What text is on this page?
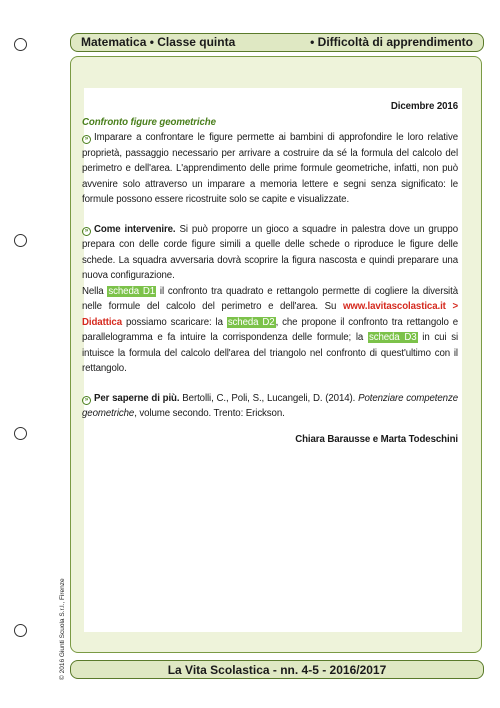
Matematica • Classe quinta	• Difficoltà di apprendimento
Dicembre 2016
Confronto figure geometriche

» Imparare a confrontare le figure permette ai bambini di approfondire le loro relative proprietà, passaggio necessario per arrivare a costruire da sé la formula del calcolo del perimetro e dell'area. L'apprendimento delle prime formule geometriche, infatti, non può avvenire solo attraverso un imparare a memoria lettere e segni senza significato: le formule possono essere ricostruite solo se capite e visualizzate.

» Come intervenire. Si può proporre un gioco a squadre in palestra dove un gruppo prepara con delle corde figure simili a quelle delle schede o riproduce le figure delle schede. La squadra avversaria dovrà scoprire la figura nascosta e quindi preparare una nuova configurazione.

Nella scheda D1 il confronto tra quadrato e rettangolo permette di cogliere la diversità nelle formule del calcolo del perimetro e dell'area. Su www.lavitascolastica.it > Didattica possiamo scaricare: la scheda D2, che propone il confronto tra rettangolo e parallelogramma e fa intuire la corrispondenza delle formule; la scheda D3 in cui si intuisce la formula del calcolo dell'area del triangolo nel confronto di quest'ultimo con il rettangolo.

» Per saperne di più. Bertolli, C., Poli, S., Lucangeli, D. (2014). Potenziare competenze geometriche, volume secondo. Trento: Erickson.

Chiara Barausse e Marta Todeschini
© 2016 Giunti Scuola S.r.l., Firenze	La Vita Scolastica - nn. 4-5 - 2016/2017
